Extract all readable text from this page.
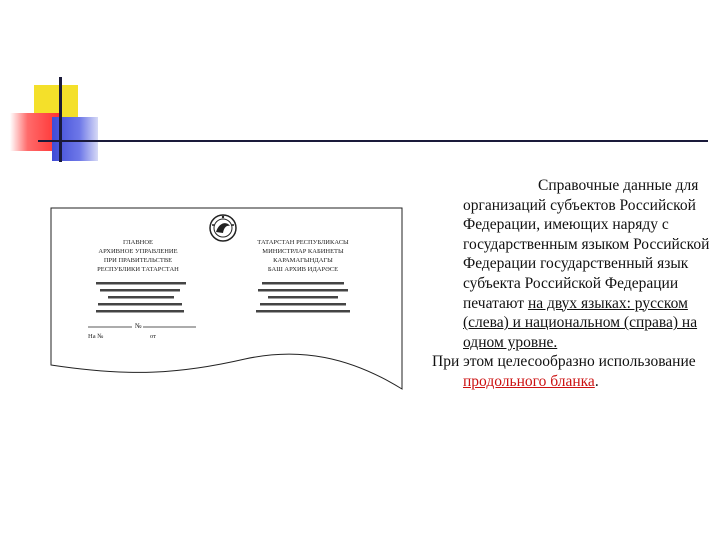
ГЛАВНОЕ
АРХИВНОЕ УПРАВЛЕНИЕ
ПРИ ПРАВИТЕЛЬСТВЕ
РЕСПУБЛИКИ ТАТАРСТАН
ТАТАРСТАН РЕСПУБЛИКАСЫ
МИНИСТРЛАР КАБИНЕТЫ
КАРАМАГЫНДАГЫ
БАШ АРХИВ ИДАРӘСЕ
№
На №	от

Справочные данные для организаций субъектов Российской Федерации, имеющих наряду с государственным языком Российской Федерации государственный язык субъекта Российской Федерации печатают на двух языках: русском (слева) и национальном (справа) на одном уровне.

При этом целесообразно использование продольного бланка.
